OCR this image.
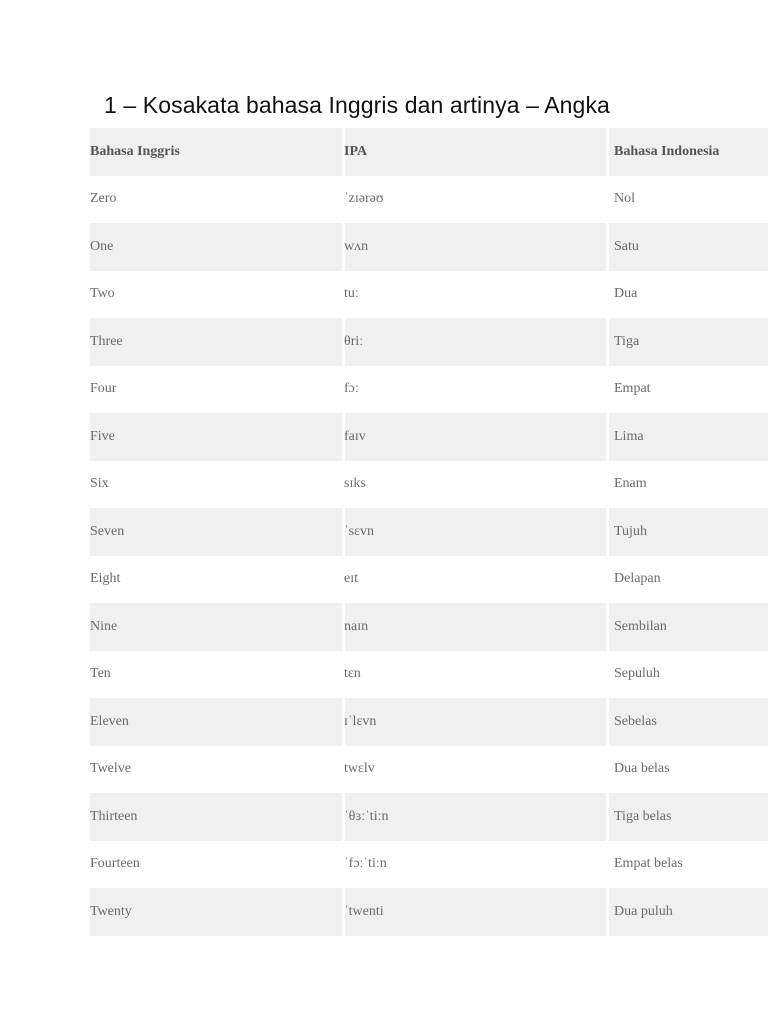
1 – Kosakata bahasa Inggris dan artinya – Angka
Bahasa Inggris	IPA	Bahasa Indonesia
Zero	ˈzɪərəʊ	Nol
One	wʌn	Satu
Two	tuː	Dua
Three	θriː	Tiga
Four	fɔː	Empat
Five	faɪv	Lima
Six	sɪks	Enam
Seven	ˈsɛvn	Tujuh
Eight	eɪt	Delapan
Nine	naɪn	Sembilan
Ten	tɛn	Sepuluh
Eleven	ɪˈlɛvn	Sebelas
Twelve	twɛlv	Dua belas
Thirteen	ˈθɜːˈtiːn	Tiga belas
Fourteen	ˈfɔːˈtiːn	Empat belas
Twenty	ˈtwenti	Dua puluh
